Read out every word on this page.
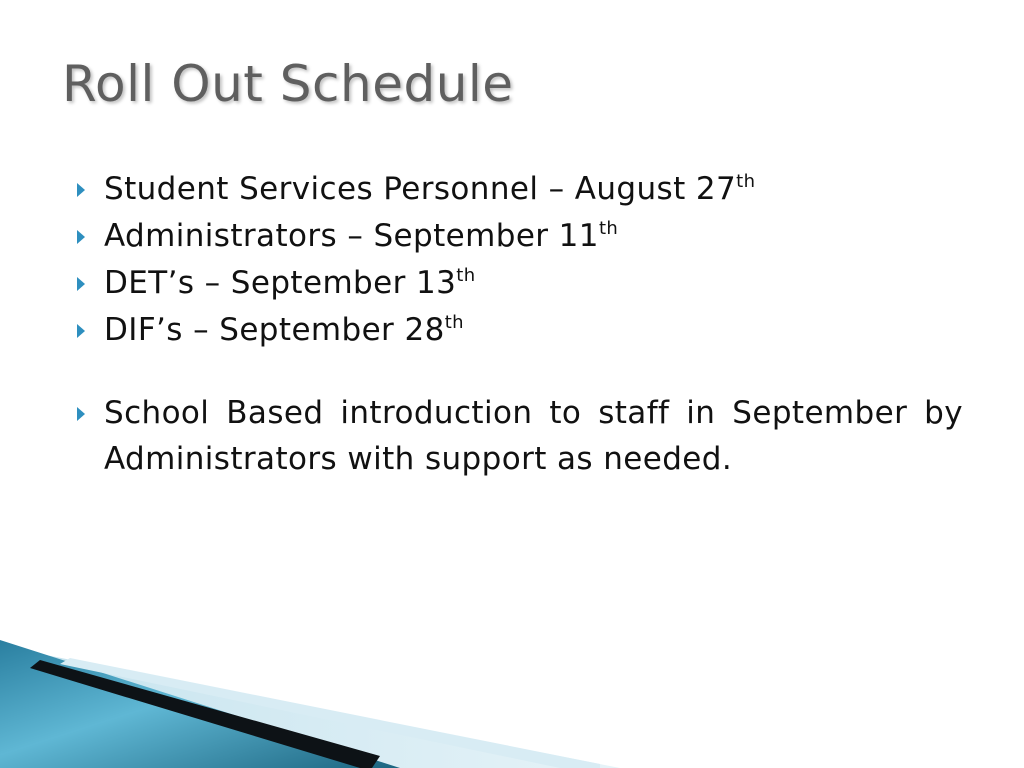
Roll Out Schedule
Student Services Personnel – August 27th
Administrators – September 11th
DET’s – September 13th
DIF’s – September 28th
School Based introduction to staff in September by Administrators with support as needed.
